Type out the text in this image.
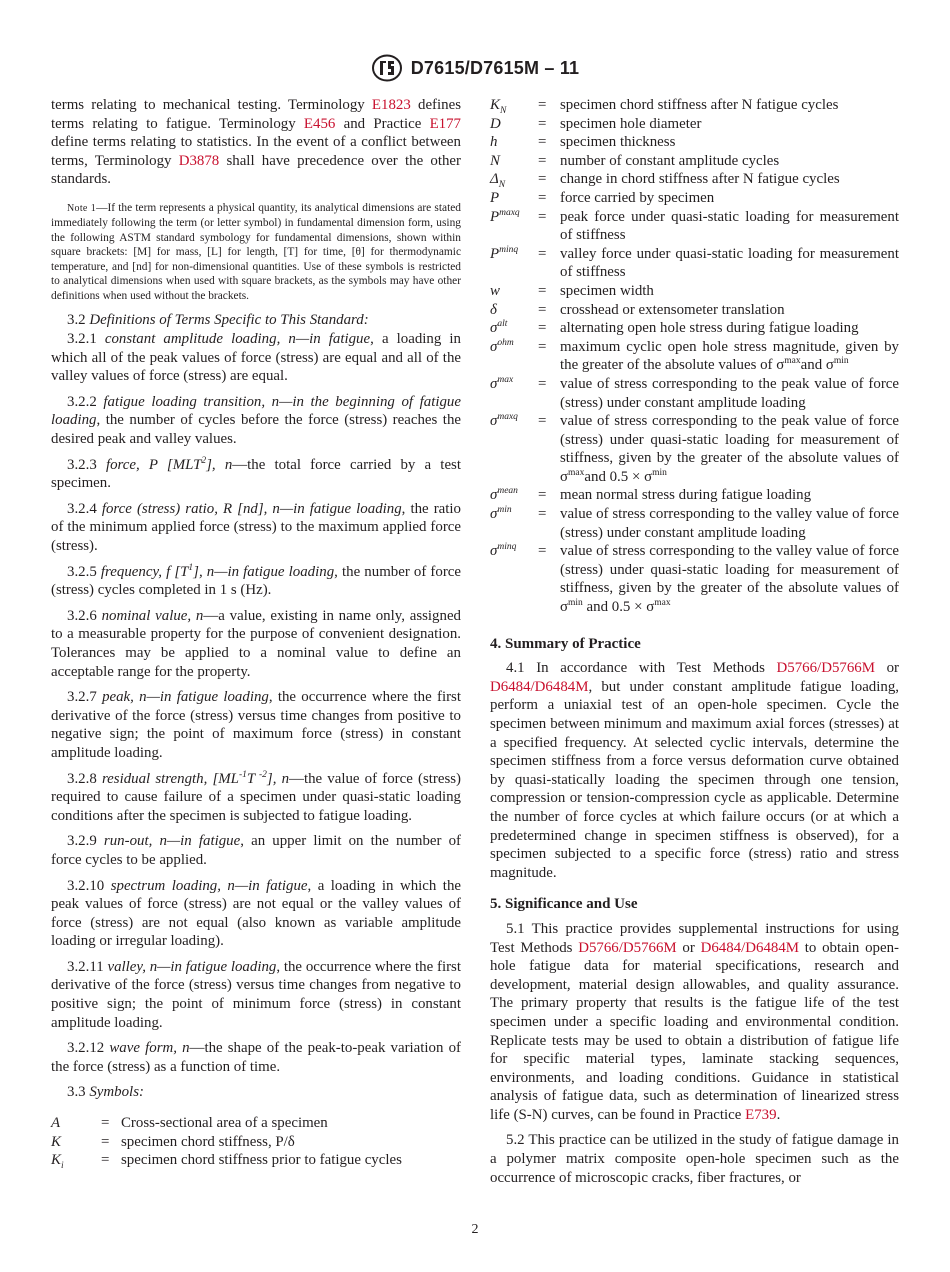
D7615/D7615M – 11

terms relating to mechanical testing. Terminology E1823 defines terms relating to fatigue. Terminology E456 and Practice E177 define terms relating to statistics. In the event of a conflict between terms, Terminology D3878 shall have precedence over the other standards.

Note 1—If the term represents a physical quantity, its analytical dimensions are stated immediately following the term (or letter symbol) in fundamental dimension form, using the following ASTM standard symbology for fundamental dimensions, shown within square brackets: [M] for mass, [L] for length, [T] for time, [θ] for thermodynamic temperature, and [nd] for non-dimensional quantities. Use of these symbols is restricted to analytical dimensions when used with square brackets, as the symbols may have other definitions when used without the brackets.

3.2 Definitions of Terms Specific to This Standard:

3.2.1 constant amplitude loading, n—in fatigue, a loading in which all of the peak values of force (stress) are equal and all of the valley values of force (stress) are equal.

3.2.2 fatigue loading transition, n—in the beginning of fatigue loading, the number of cycles before the force (stress) reaches the desired peak and valley values.

3.2.3 force, P [MLT$^2$], n—the total force carried by a test specimen.

3.2.4 force (stress) ratio, R [nd], n—in fatigue loading, the ratio of the minimum applied force (stress) to the maximum applied force (stress).

3.2.5 frequency, f $[T^1]$, n—in fatigue loading, the number of force (stress) cycles completed in 1 s (Hz).

3.2.6 nominal value, n—a value, existing in name only, assigned to a measurable property for the purpose of convenient designation. Tolerances may be applied to a nominal value to define an acceptable range for the property.

3.2.7 peak, n—in fatigue loading, the occurrence where the first derivative of the force (stress) versus time changes from positive to negative sign; the point of maximum force (stress) in constant amplitude loading.

3.2.8 residual strength, [$ML^{-1}T$ $^{-2}$], n—the value of force (stress) required to cause failure of a specimen under quasi-static loading conditions after the specimen is subjected to fatigue loading.

3.2.9 run-out, n—in fatigue, an upper limit on the number of force cycles to be applied.

3.2.10 spectrum loading, n—in fatigue, a loading in which the peak values of force (stress) are not equal or the valley values of force (stress) are not equal (also known as variable amplitude loading or irregular loading).

3.2.11 valley, n—in fatigue loading, the occurrence where the first derivative of the force (stress) versus time changes from negative to positive sign; the point of minimum force (stress) in constant amplitude loading.

3.2.12 wave form, n—the shape of the peak-to-peak variation of the force (stress) as a function of time.

3.3 Symbols:

A	= Cross-sectional area of a specimen
K	= specimen chord stiffness, P/δ
$K_i$	= specimen chord stiffness prior to fatigue cycles
$K_N$	= specimen chord stiffness after N fatigue cycles
D	= specimen hole diameter
h	= specimen thickness
N	= number of constant amplitude cycles
$\Delta_N$	= change in chord stiffness after N fatigue cycles
P	= force carried by specimen
$P^{maxq}$	= peak force under quasi-static loading for measurement of stiffness
$P^{minq}$	= valley force under quasi-static loading for measurement of stiffness
w	= specimen width
δ	= crosshead or extensometer translation
$\sigma^{alt}$	= alternating open hole stress during fatigue loading
$\sigma^{ohm}$	= maximum cyclic open hole stress magnitude, given by the greater of the absolute values of $\sigma^{max}and$ $\sigma^{min}$
$\sigma^{max}$	= value of stress corresponding to the peak value of force (stress) under constant amplitude loading
$\sigma^{maxq}$	= value of stress corresponding to the peak value of force (stress) under quasi-static loading for measurement of stiffness, given by the greater of the absolute values of $\sigma^{max}and$ $0.5 \times \sigma^{min}$
$\sigma^{mean}$	= mean normal stress during fatigue loading
$\sigma^{min}$	= value of stress corresponding to the valley value of force (stress) under constant amplitude loading
$\sigma^{minq}$	= value of stress corresponding to the valley value of force (stress) under quasi-static loading for measurement of stiffness, given by the greater of the absolute values of $\sigma^{min}$ and $0.5 \times \sigma^{max}$
4. Summary of Practice

4.1 In accordance with Test Methods D5766/D5766M or D6484/D6484M, but under constant amplitude fatigue loading, perform a uniaxial test of an open-hole specimen. Cycle the specimen between minimum and maximum axial forces (stresses) at a specified frequency. At selected cyclic intervals, determine the specimen stiffness from a force versus deformation curve obtained by quasi-statically loading the specimen through one tension, compression or tension-compression cycle as applicable. Determine the number of force cycles at which failure occurs (or at which a predetermined change in specimen stiffness is observed), for a specimen subjected to a specific force (stress) ratio and stress magnitude.

5. Significance and Use

5.1 This practice provides supplemental instructions for using Test Methods D5766/D5766M or D6484/D6484M to obtain open-hole fatigue data for material specifications, research and development, material design allowables, and quality assurance. The primary property that results is the fatigue life of the test specimen under a specific loading and environmental condition. Replicate tests may be used to obtain a distribution of fatigue life for specific material types, laminate stacking sequences, environments, and loading conditions. Guidance in statistical analysis of fatigue data, such as determination of linearized stress life (S-N) curves, can be found in Practice E739.

5.2 This practice can be utilized in the study of fatigue damage in a polymer matrix composite open-hole specimen such as the occurrence of microscopic cracks, fiber fractures, or

2
